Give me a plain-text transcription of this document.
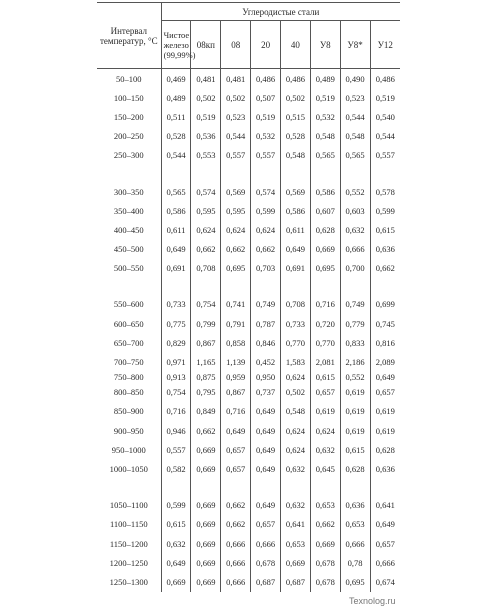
Интервал температур, °С	Углеродистые стали							
	Чистое железо (99,99%)	08кп	08	20	40	У8	У8*	У12
50–100	0,469	0,481	0,481	0,486	0,486	0,489	0,490	0,486
100–150	0,489	0,502	0,502	0,507	0,502	0,519	0,523	0,519
150–200	0,511	0,519	0,523	0,519	0,515	0,532	0,544	0,540
200–250	0,528	0,536	0,544	0,532	0,528	0,548	0,548	0,544
250–300	0,544	0,553	0,557	0,557	0,548	0,565	0,565	0,557

300–350	0,565	0,574	0,569	0,574	0,569	0,586	0,552	0,578
350–400	0,586	0,595	0,595	0,599	0,586	0,607	0,603	0,599
400–450	0,611	0,624	0,624	0,624	0,611	0,628	0,632	0,615
450–500	0,649	0,662	0,662	0,662	0,649	0,669	0,666	0,636
500–550	0,691	0,708	0,695	0,703	0,691	0,695	0,700	0,662

550–600	0,733	0,754	0,741	0,749	0,708	0,716	0,749	0,699
600–650	0,775	0,799	0,791	0,787	0,733	0,720	0,779	0,745
650–700	0,829	0,867	0,858	0,846	0,770	0,770	0,833	0,816
700–750	0,971	1,165	1,139	0,452	1,583	2,081	2,186	2,089
750–800	0,913	0,875	0,959	0,950	0,624	0,615	0,552	0,649
800–850	0,754	0,795	0,867	0,737	0,502	0,657	0,619	0,657
850–900	0,716	0,849	0,716	0,649	0,548	0,619	0,619	0,619
900–950	0,946	0,662	0,649	0,649	0,624	0,624	0,619	0,619
950–1000	0,557	0,669	0,657	0,649	0,624	0,632	0,615	0,628
1000–1050	0,582	0,669	0,657	0,649	0,632	0,645	0,628	0,636

1050–1100	0,599	0,669	0,662	0,649	0,632	0,653	0,636	0,641
1100–1150	0,615	0,669	0,662	0,657	0,641	0,662	0,653	0,649
1150–1200	0,632	0,669	0,666	0,666	0,653	0,669	0,666	0,657
1200–1250	0,649	0,669	0,666	0,678	0,669	0,678	0,78	0,666
1250–1300	0,669	0,669	0,666	0,687	0,687	0,678	0,695	0,674
Texnolog.ru
